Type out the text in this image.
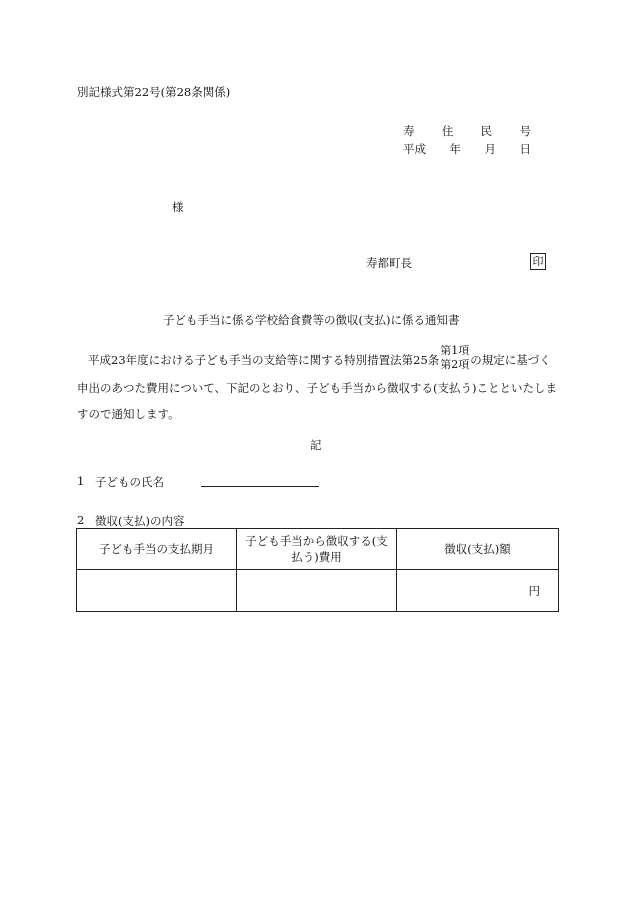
別記様式第22号(第28条関係)
寿 住 民 号
平成 年 月 日
様
寿都町長	印
子ども手当に係る学校給食費等の徴収(支払)に係る通知書
平成23年度における子ども手当の支給等に関する特別措置法第25条
第1項
第2項 の規定に基づく申出のあつた費用について、下記のとおり、子ども手当から徴収する(支払う)ことといたしますので通知します。
記
1 子どもの氏名
2 徴収(支払)の内容
子ども手当の支払期月	子ども手当から徴収する(支払う)費用	徴収(支払)額
		円
